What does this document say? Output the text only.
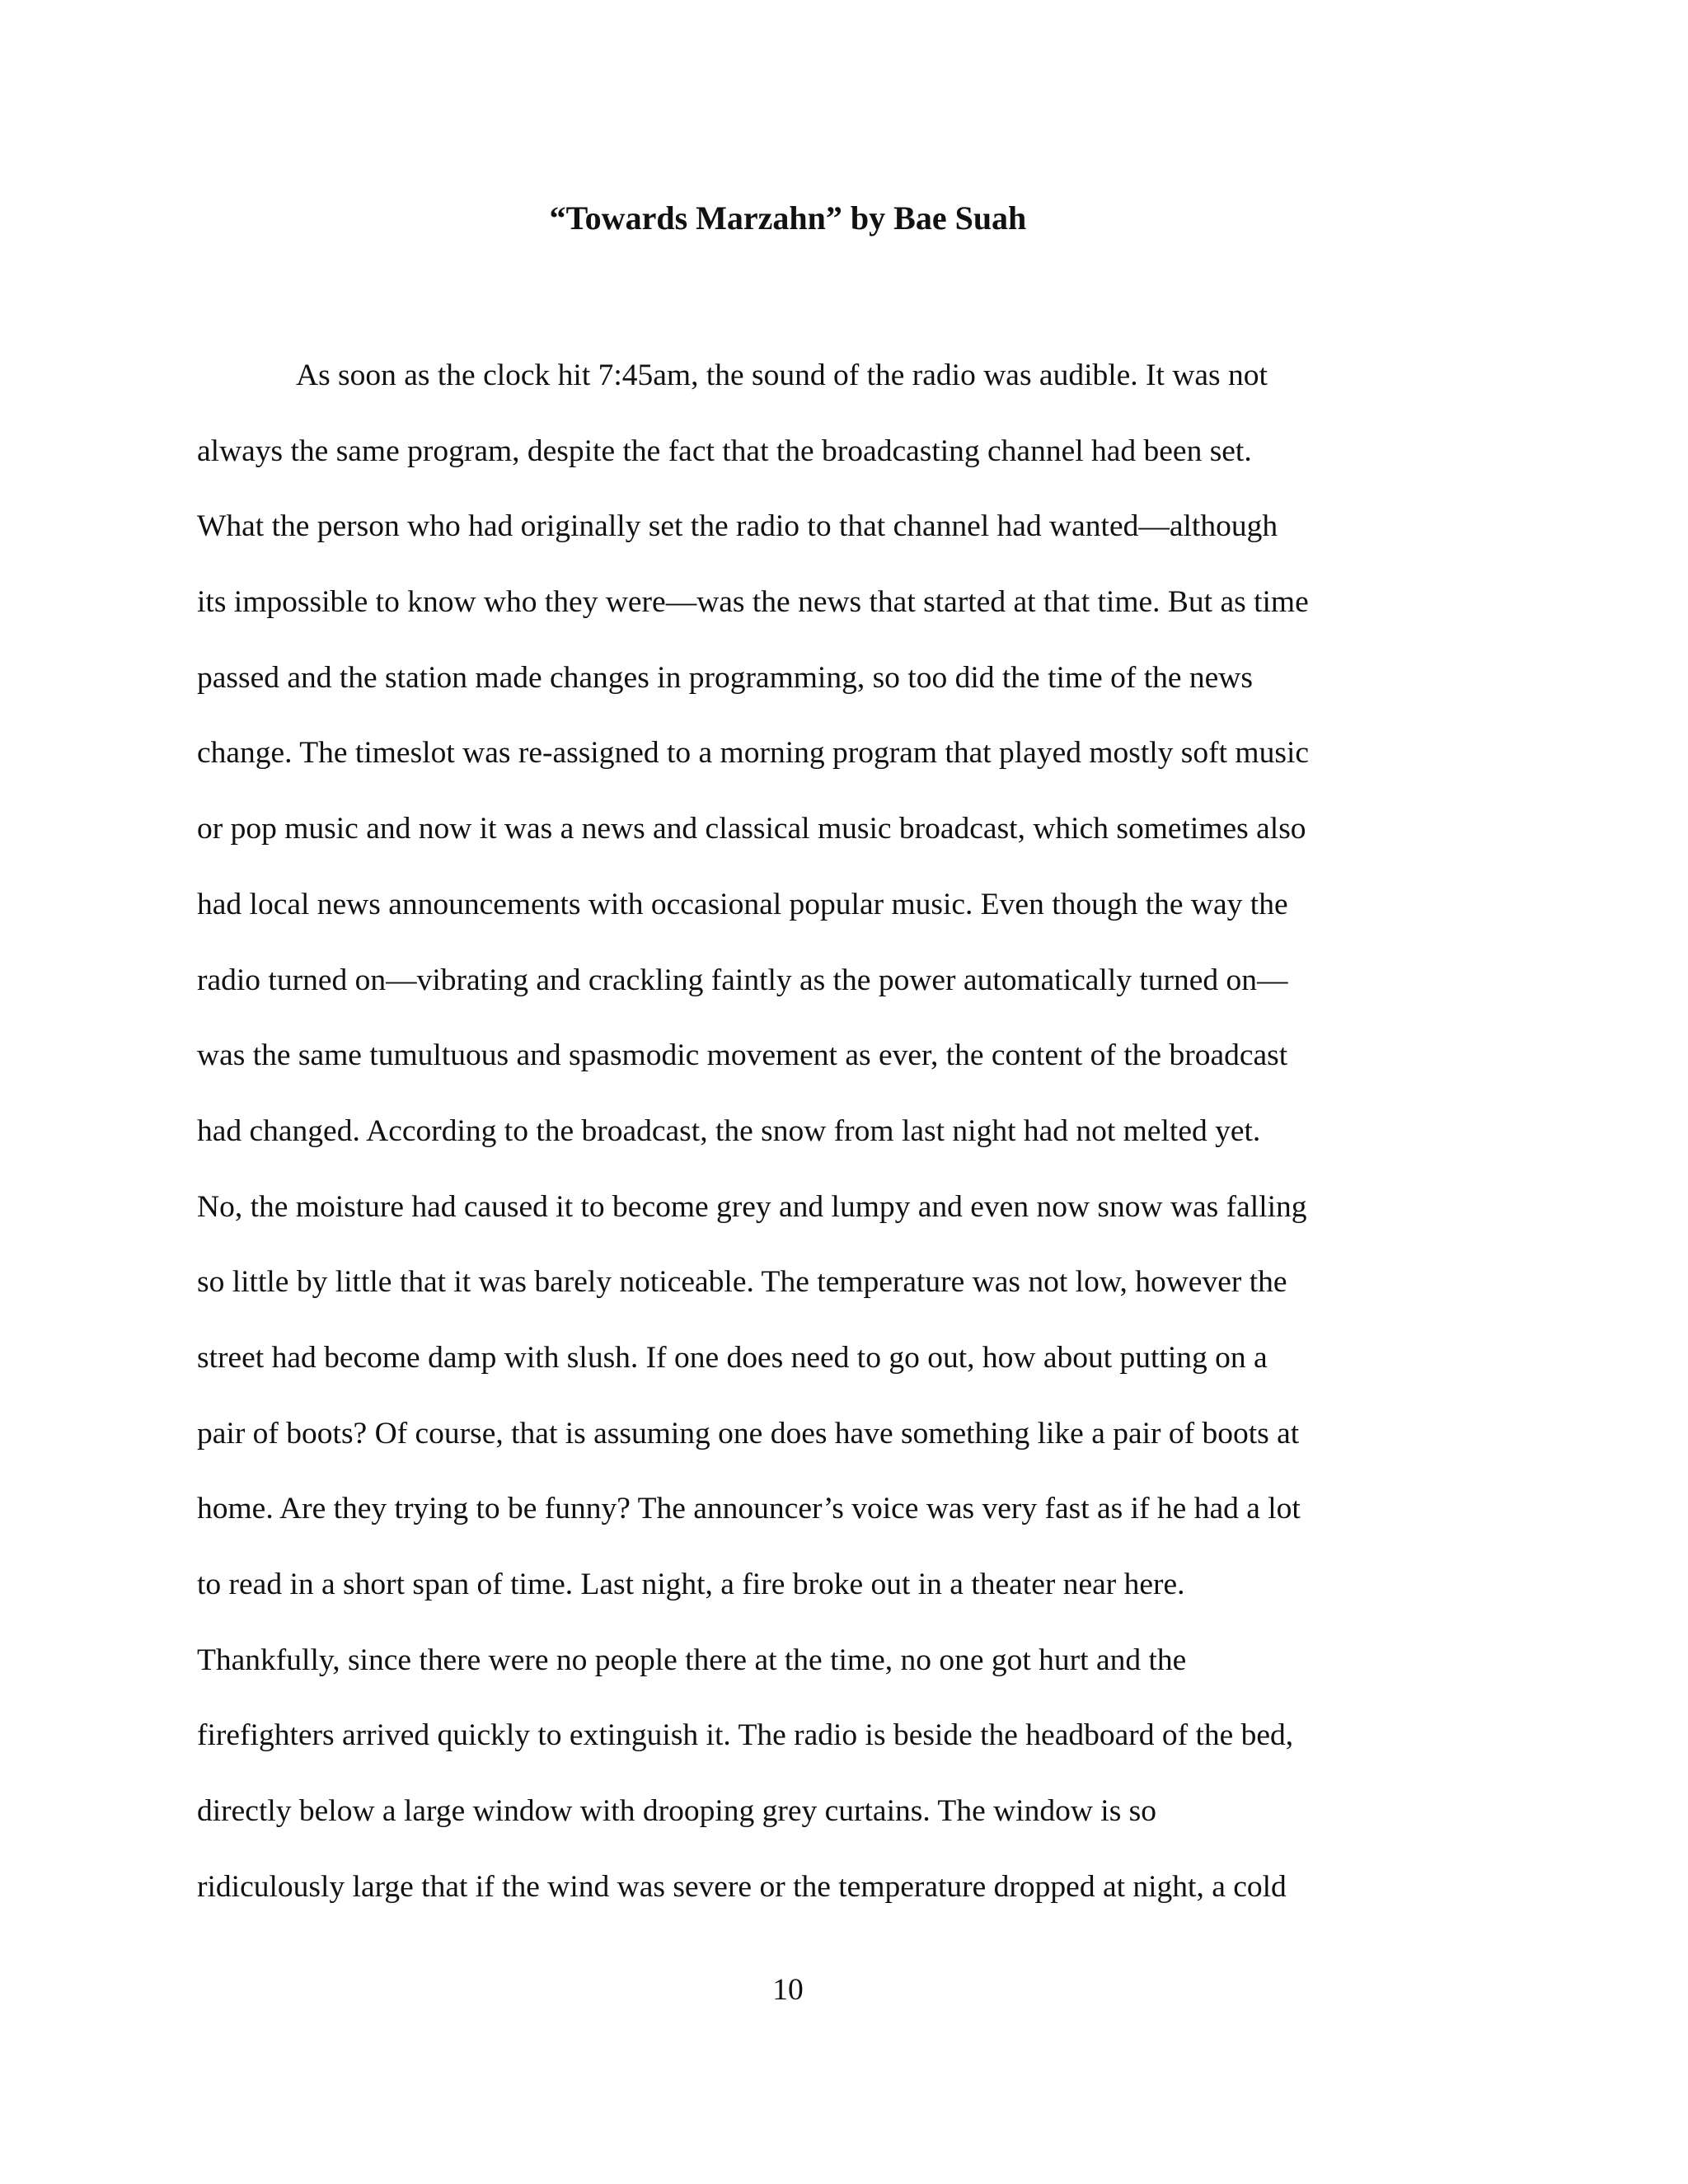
“Towards Marzahn” by Bae Suah
As soon as the clock hit 7:45am, the sound of the radio was audible. It was not
always the same program, despite the fact that the broadcasting channel had been set.
What the person who had originally set the radio to that channel had wanted—although
its impossible to know who they were—was the news that started at that time. But as time
passed and the station made changes in programming, so too did the time of the news
change. The timeslot was re-assigned to a morning program that played mostly soft music
or pop music and now it was a news and classical music broadcast, which sometimes also
had local news announcements with occasional popular music. Even though the way the
radio turned on—vibrating and crackling faintly as the power automatically turned on—
was the same tumultuous and spasmodic movement as ever, the content of the broadcast
had changed. According to the broadcast, the snow from last night had not melted yet.
No, the moisture had caused it to become grey and lumpy and even now snow was falling
so little by little that it was barely noticeable. The temperature was not low, however the
street had become damp with slush. If one does need to go out, how about putting on a
pair of boots? Of course, that is assuming one does have something like a pair of boots at
home. Are they trying to be funny? The announcer’s voice was very fast as if he had a lot
to read in a short span of time. Last night, a fire broke out in a theater near here.
Thankfully, since there were no people there at the time, no one got hurt and the
firefighters arrived quickly to extinguish it. The radio is beside the headboard of the bed,
directly below a large window with drooping grey curtains. The window is so
ridiculously large that if the wind was severe or the temperature dropped at night, a cold

10
